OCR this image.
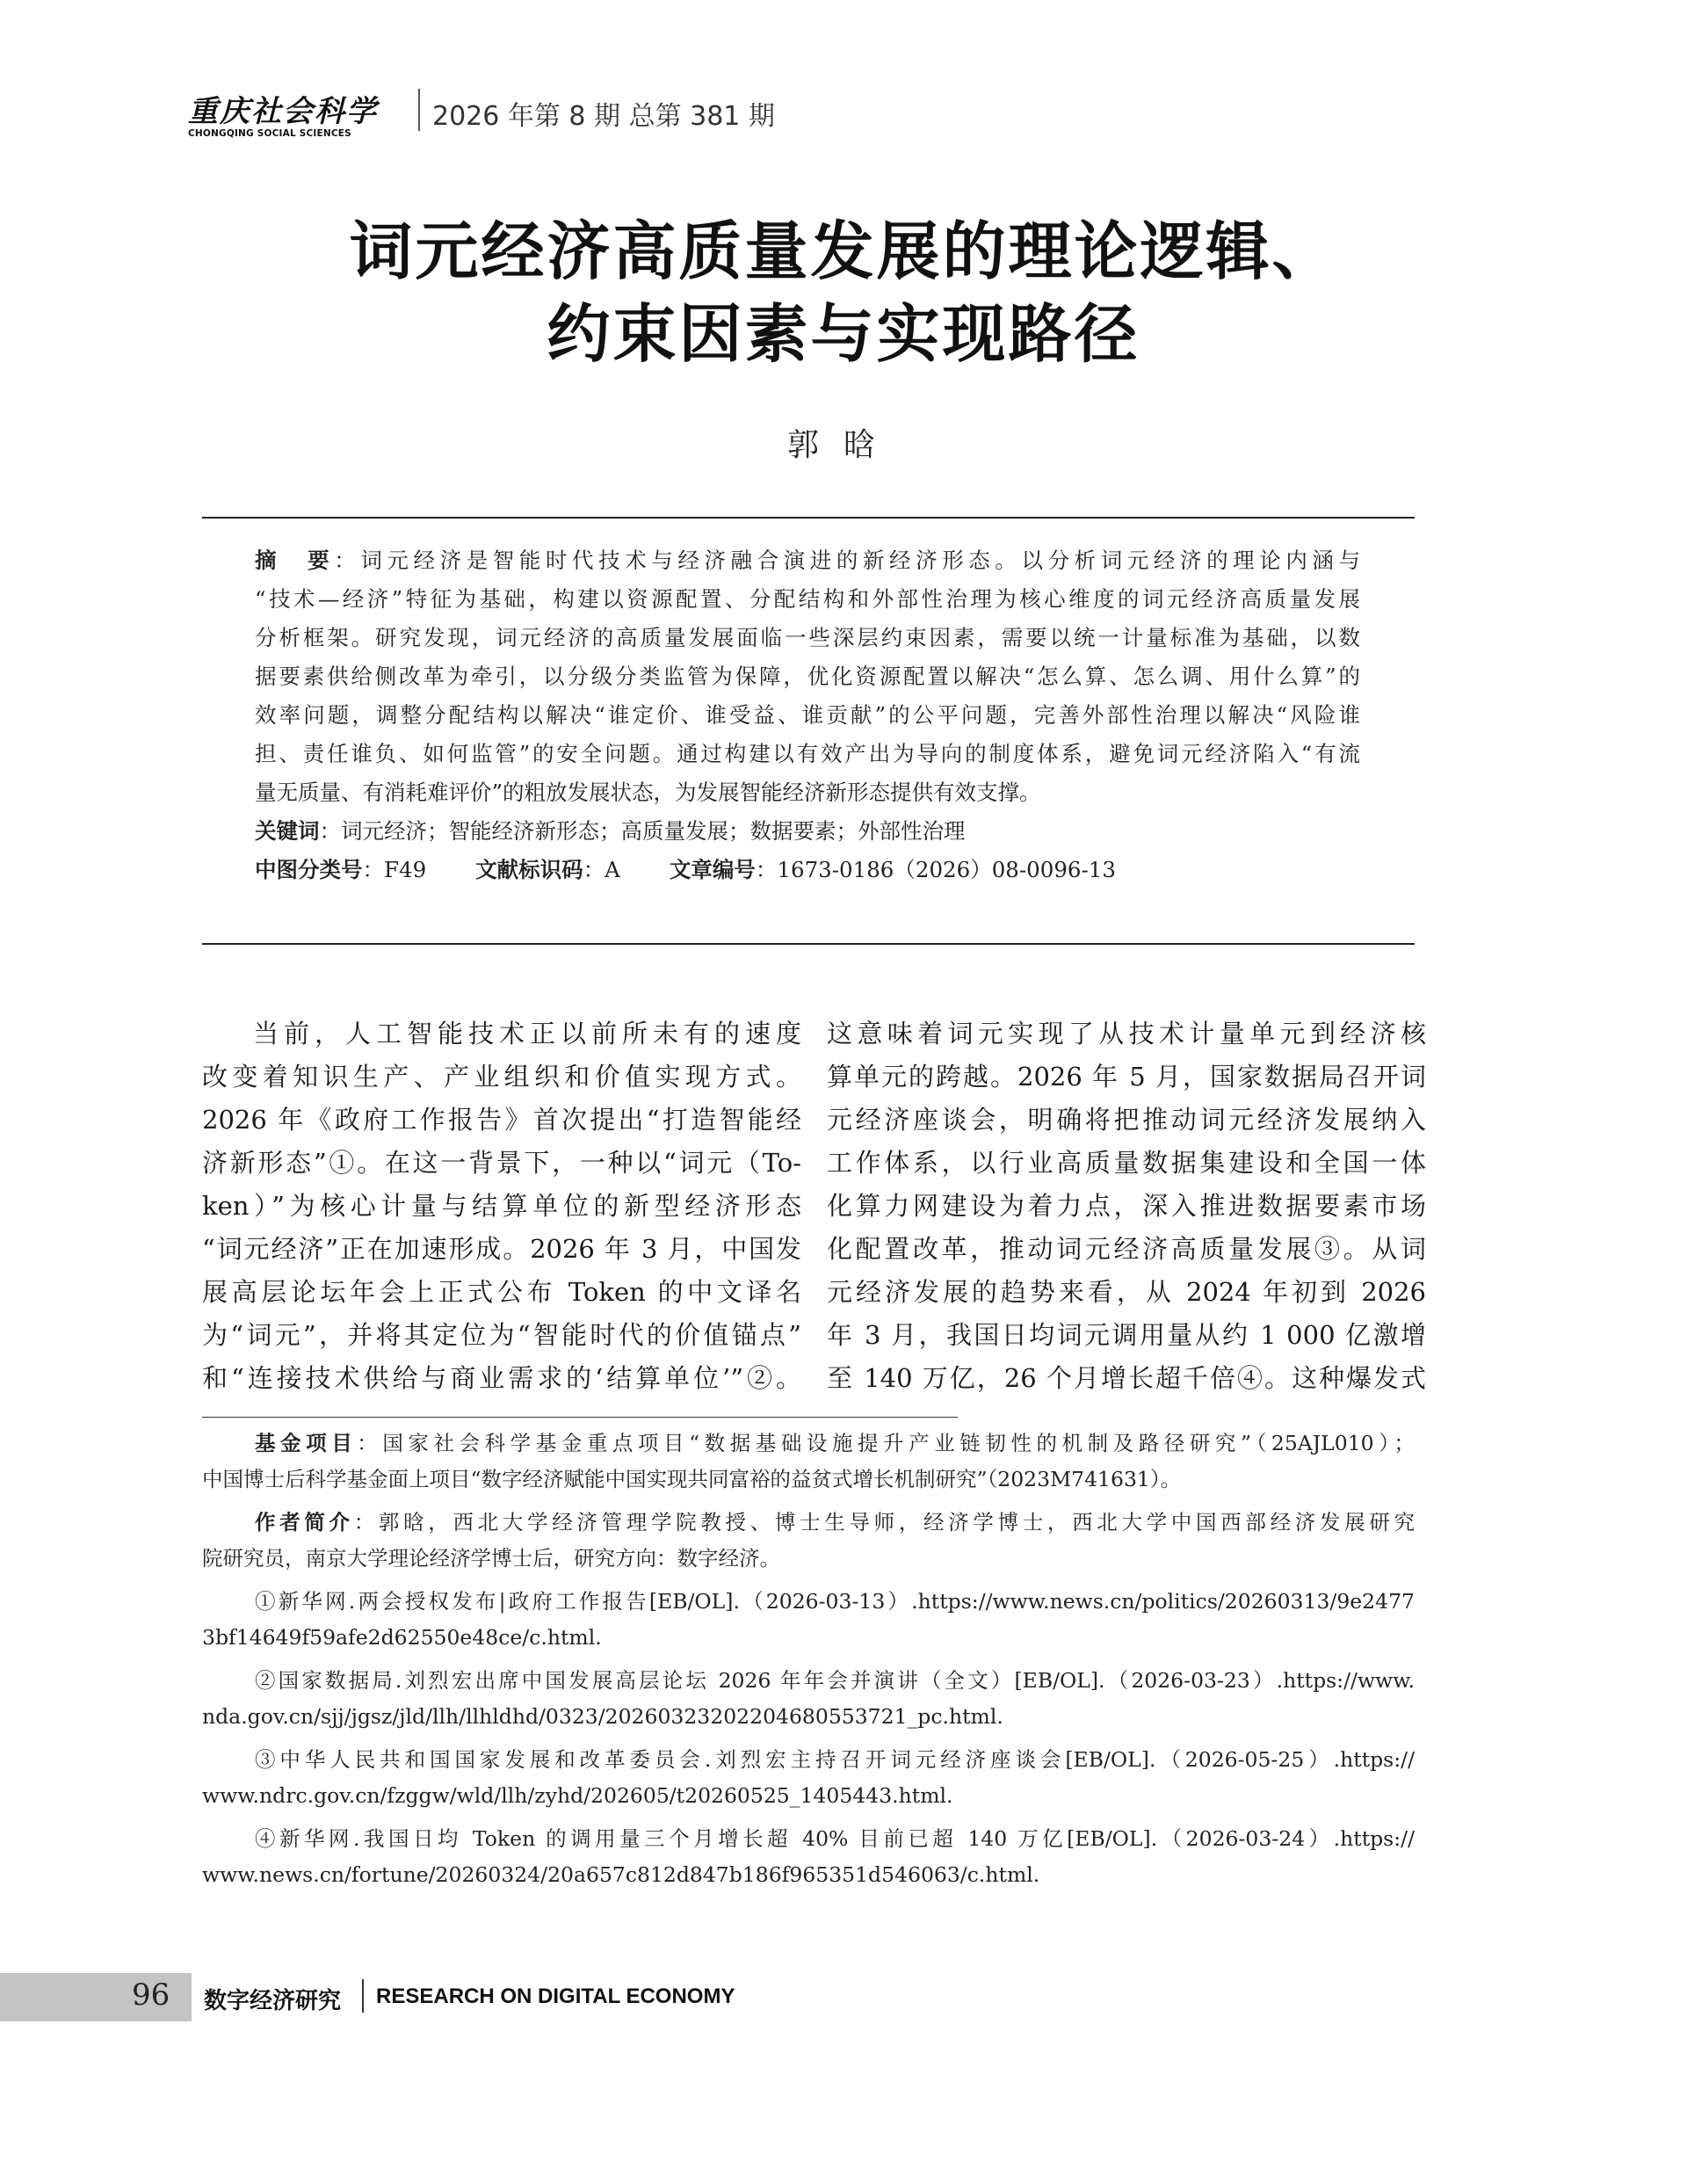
重庆社会科学
CHONGQING SOCIAL SCIENCES
2026 年第 8 期 总第 381 期
词元经济高质量发展的理论逻辑、
约束因素与实现路径
郭晗
摘　要：词元经济是智能时代技术与经济融合演进的新经济形态。以分析词元经济的理论内涵与
“技术—经济”特征为基础，构建以资源配置、分配结构和外部性治理为核心维度的词元经济高质量发展
分析框架。研究发现，词元经济的高质量发展面临一些深层约束因素，需要以统一计量标准为基础，以数
据要素供给侧改革为牵引，以分级分类监管为保障，优化资源配置以解决“怎么算、怎么调、用什么算”的
效率问题，调整分配结构以解决“谁定价、谁受益、谁贡献”的公平问题，完善外部性治理以解决“风险谁
担、责任谁负、如何监管”的安全问题。通过构建以有效产出为导向的制度体系，避免词元经济陷入“有流
量无质量、有消耗难评价”的粗放发展状态，为发展智能经济新形态提供有效支撑。
关键词：词元经济；智能经济新形态；高质量发展；数据要素；外部性治理
中图分类号：F49 文献标识码：A 文章编号：1673-0186（2026）08-0096-13
当前，人工智能技术正以前所未有的速度
改变着知识生产、产业组织和价值实现方式。
2026 年《政府工作报告》首次提出“打造智能经
济新形态”①。在这一背景下，一种以“词元（To-
ken）”为核心计量与结算单位的新型经济形态
“词元经济”正在加速形成。2026 年 3 月，中国发
展高层论坛年会上正式公布 Token 的中文译名
为“词元”，并将其定位为“智能时代的价值锚点”
和“连接技术供给与商业需求的‘结算单位’”②。
这意味着词元实现了从技术计量单元到经济核
算单元的跨越。2026 年 5 月，国家数据局召开词
元经济座谈会，明确将把推动词元经济发展纳入
工作体系，以行业高质量数据集建设和全国一体
化算力网建设为着力点，深入推进数据要素市场
化配置改革，推动词元经济高质量发展③。从词
元经济发展的趋势来看，从 2024 年初到 2026
年 3 月，我国日均词元调用量从约 1 000 亿激增
至 140 万亿，26 个月增长超千倍④。这种爆发式
基金项目：国家社会科学基金重点项目“数据基础设施提升产业链韧性的机制及路径研究”（25AJL010）；
中国博士后科学基金面上项目“数字经济赋能中国实现共同富裕的益贫式增长机制研究”（2023M741631）。
作者简介：郭晗，西北大学经济管理学院教授、博士生导师，经济学博士，西北大学中国西部经济发展研究
院研究员，南京大学理论经济学博士后，研究方向：数字经济。
①新华网.两会授权发布|政府工作报告[EB/OL].（2026-03-13）.https://www.news.cn/politics/20260313/9e2477
3bf14649f59afe2d62550e48ce/c.html.
②国家数据局.刘烈宏出席中国发展高层论坛 2026 年年会并演讲（全文）[EB/OL].（2026-03-23）.https://www.
nda.gov.cn/sjj/jgsz/jld/llh/llhldhd/0323/20260323202204680553721_pc.html.
③中华人民共和国国家发展和改革委员会.刘烈宏主持召开词元经济座谈会[EB/OL].（2026-05-25）.https://
www.ndrc.gov.cn/fzggw/wld/llh/zyhd/202605/t20260525_1405443.html.
④新华网.我国日均 Token 的调用量三个月增长超 40% 目前已超 140 万亿[EB/OL].（2026-03-24）.https://
www.news.cn/fortune/20260324/20a657c812d847b186f965351d546063/c.html.
96 数字经济研究 RESEARCH ON DIGITAL ECONOMY
